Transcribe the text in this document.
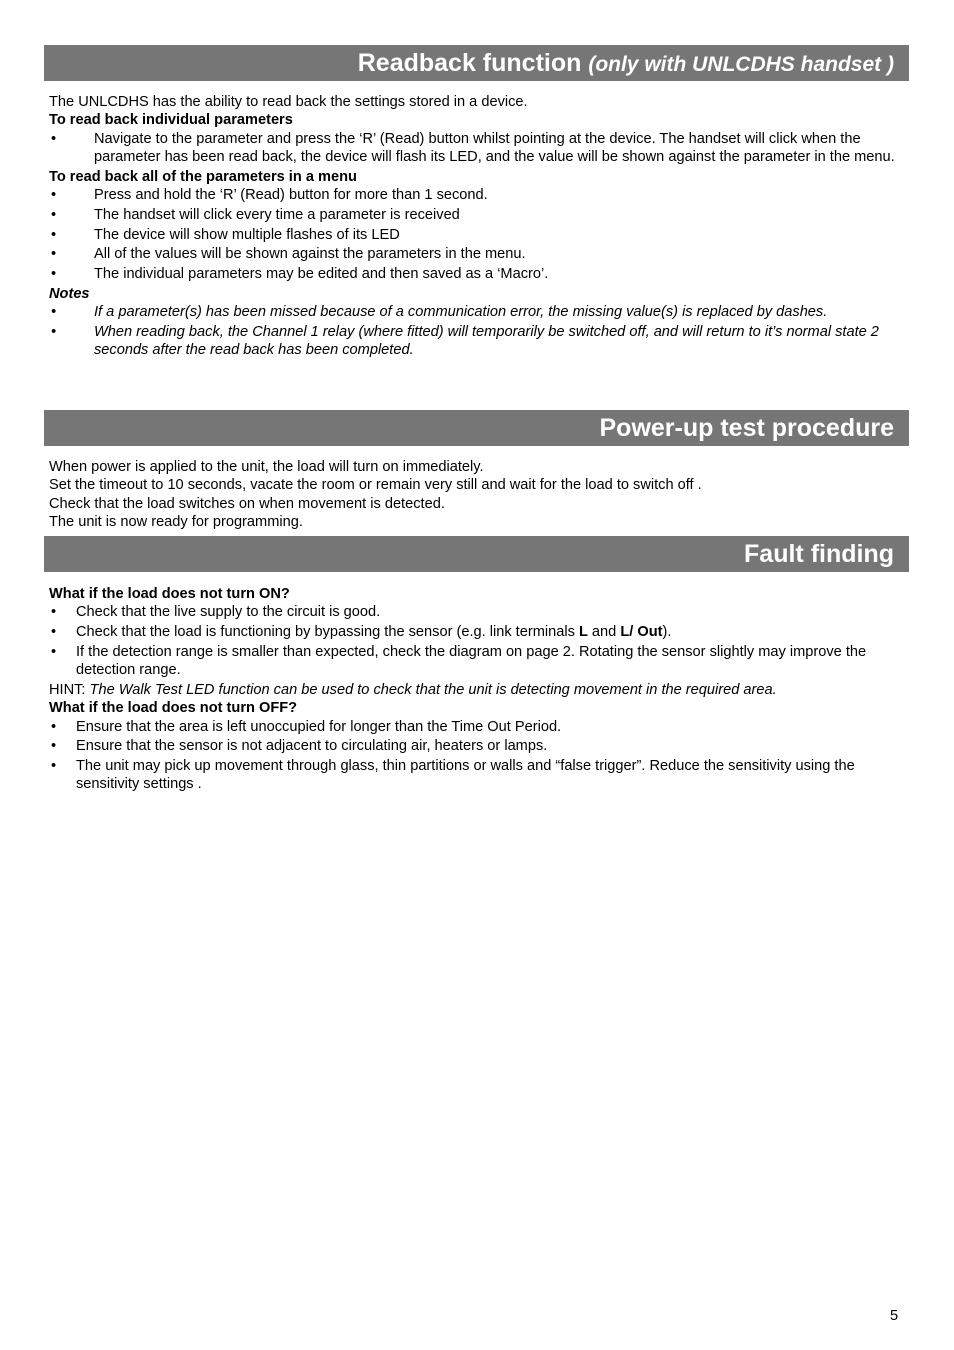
Readback function (only with UNLCDHS handset )

The UNLCDHS has the ability to read back the settings stored in a device.

To read back individual parameters

•	Navigate to the parameter and press the ‘R’ (Read) button whilst pointing at the device. The handset will click when the parameter has been read back, the device will flash its LED, and the value will be shown against the parameter in the menu.

To read back all of the parameters in a menu

•	Press and hold the ‘R’ (Read) button for more than 1 second.
•	The handset will click every time a parameter is received
•	The device will show multiple flashes of its LED
•	All of the values will be shown against the parameters in the menu.
•	The individual parameters may be edited and then saved as a ‘Macro’.

Notes

•	If a parameter(s) has been missed because of a communication error, the missing value(s) is replaced by dashes.
•	When reading back, the Channel 1 relay (where fitted) will temporarily be switched off, and will return to it’s normal state 2 seconds after the read back has been completed.
Power-up test procedure

When power is applied to the unit, the load will turn on immediately.

Set the timeout to 10 seconds, vacate the room or remain very still and wait for the load to switch off .

Check that the load switches on when movement is detected.

The unit is now ready for programming.

Fault finding

What if the load does not turn ON?

• Check that the live supply to the circuit is good.
• Check that the load is functioning by bypassing the sensor (e.g. link terminals L and L/ Out).
• If the detection range is smaller than expected, check the diagram on page 2. Rotating the sensor slightly may improve the detection range.

HINT: The Walk Test LED function can be used to check that the unit is detecting movement in the required area.

What if the load does not turn OFF?

• Ensure that the area is left unoccupied for longer than the Time Out Period.
• Ensure that the sensor is not adjacent to circulating air, heaters or lamps.
• The unit may pick up movement through glass, thin partitions or walls and “false trigger”. Reduce the sensitivity using the sensitivity settings .
5
